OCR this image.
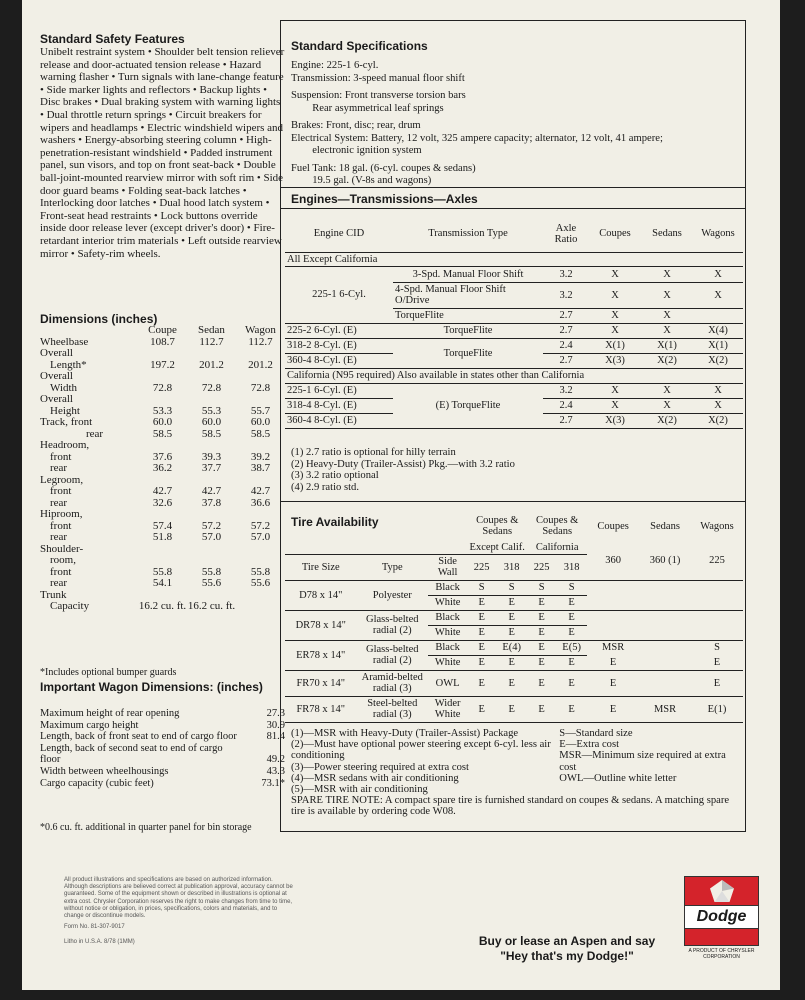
Standard Safety Features
Unibelt restraint system • Shoulder belt tension reliever release and door-actuated tension release • Hazard warning flasher • Turn signals with lane-change feature • Side marker lights and reflectors • Backup lights • Disc brakes • Dual braking system with warning lights • Dual throttle return springs • Circuit breakers for wipers and headlamps • Electric windshield wipers and washers • Energy-absorbing steering column • High-penetration-resistant windshield • Padded instrument panel, sun visors, and top on front seat-back • Double ball-joint-mounted rearview mirror with soft rim • Side door guard beams • Folding seat-back latches • Interlocking door latches • Dual hood latch system • Front-seat head restraints • Lock buttons override inside door release lever (except driver's door) • Fire-retardant interior trim materials • Left outside rearview mirror • Safety-rim wheels.
Dimensions (inches)
	Coupe	Sedan	Wagon
Wheelbase	108.7	112.7	112.7
Overall			
Length*	197.2	201.2	201.2
Overall			
Width	72.8	72.8	72.8
Overall			
Height	53.3	55.3	55.7
Track, front	60.0	60.0	60.0
rear	58.5	58.5	58.5
Headroom,			
front	37.6	39.3	39.2
rear	36.2	37.7	38.7
Legroom,			
front	42.7	42.7	42.7
rear	32.6	37.8	36.6
Hiproom,			
front	57.4	57.2	57.2
rear	51.8	57.0	57.0
Shoulder-			
room,			
front	55.8	55.8	55.8
rear	54.1	55.6	55.6
Trunk			
Capacity	16.2 cu. ft.	16.2 cu. ft.	
*Includes optional bumper guards
Important Wagon Dimensions: (inches)
Maximum height of rear opening	27.3
Maximum cargo height	30.9
Length, back of front seat to end of cargo floor	81.4
Length, back of second seat to end of cargo floor	49.2
Width between wheelhousings	43.3
Cargo capacity (cubic feet)	73.1*
*0.6 cu. ft. additional in quarter panel for bin storage
Standard Specifications
Engine: 225-1 6-cyl.
Transmission: 3-speed manual floor shift
Suspension: Front transverse torsion bars
Rear asymmetrical leaf springs
Brakes: Front, disc; rear, drum
Electrical System: Battery, 12 volt, 325 ampere capacity; alternator, 12 volt, 41 ampere;
electronic ignition system
Fuel Tank: 18 gal. (6-cyl. coupes & sedans)
19.5 gal. (V-8s and wagons)
Engines—Transmissions—Axles
Engine CID	Transmission Type	Axle Ratio	Coupes	Sedans	Wagons
All Except California					
225-1 6-Cyl.	3-Spd. Manual Floor Shift	3.2	X	X	X
	4-Spd. Manual Floor Shift O/Drive	3.2	X	X	X
	TorqueFlite	2.7	X	X	
225-2 6-Cyl. (E)	TorqueFlite	2.7	X	X	X(4)
318-2 8-Cyl. (E)	TorqueFlite	2.4	X(1)	X(1)	X(1)
360-4 8-Cyl. (E)		2.7	X(3)	X(2)	X(2)
California (N95 required) Also available in states other than California					
225-1 6-Cyl. (E)	(E) TorqueFlite	3.2	X	X	X
318-4 8-Cyl. (E)		2.4	X	X	X
360-4 8-Cyl. (E)		2.7	X(3)	X(2)	X(2)
(1) 2.7 ratio is optional for hilly terrain
(2) Heavy-Duty (Trailer-Assist) Pkg.—with 3.2 ratio
(3) 3.2 ratio optional
(4) 2.9 ratio std.
Tire Availability
			Coupes & Sedans		Coupes & Sedans		Coupes	Sedans	Wagons
			Except Calif.		California		360	360 (1)	225
Tire Size	Type	Side Wall	225	318	225	318			
D78 x 14"	Polyester	Black	S	S	S	S			
		White	E	E	E	E			
DR78 x 14"	Glass-belted radial (2)	Black	E	E	E	E			
		White	E	E	E	E			
ER78 x 14"	Glass-belted radial (2)	Black	E	E(4)	E	E(5)	MSR		S
		White	E	E	E	E	E		E
FR70 x 14"	Aramid-belted radial (3)	OWL	E	E	E	E	E		E
FR78 x 14"	Steel-belted radial (3)	Wider White	E	E	E	E	E	MSR	E(1)
(1)—MSR with Heavy-Duty (Trailer-Assist) Package
(2)—Must have optional power steering except 6-cyl. less air conditioning
(3)—Power steering required at extra cost
(4)—MSR sedans with air conditioning
(5)—MSR with air conditioning
S—Standard size
E—Extra cost
MSR—Minimum size required at extra cost
OWL—Outline white letter
SPARE TIRE NOTE: A compact spare tire is furnished standard on coupes & sedans. A matching spare tire is available by ordering code W08.
All product illustrations and specifications are based on authorized information. Although descriptions are believed correct at publication approval, accuracy cannot be guaranteed. Some of the equipment shown or described in illustrations is optional at extra cost. Chrysler Corporation reserves the right to make changes from time to time, without notice or obligation, in prices, specifications, colors and materials, and to change or discontinue models.
Form No. 81-307-9017
Litho in U.S.A. 8/78 (1MM)	Buy or lease an Aspen and say
"Hey that's my Dodge!"
Dodge
A PRODUCT OF CHRYSLER CORPORATION
